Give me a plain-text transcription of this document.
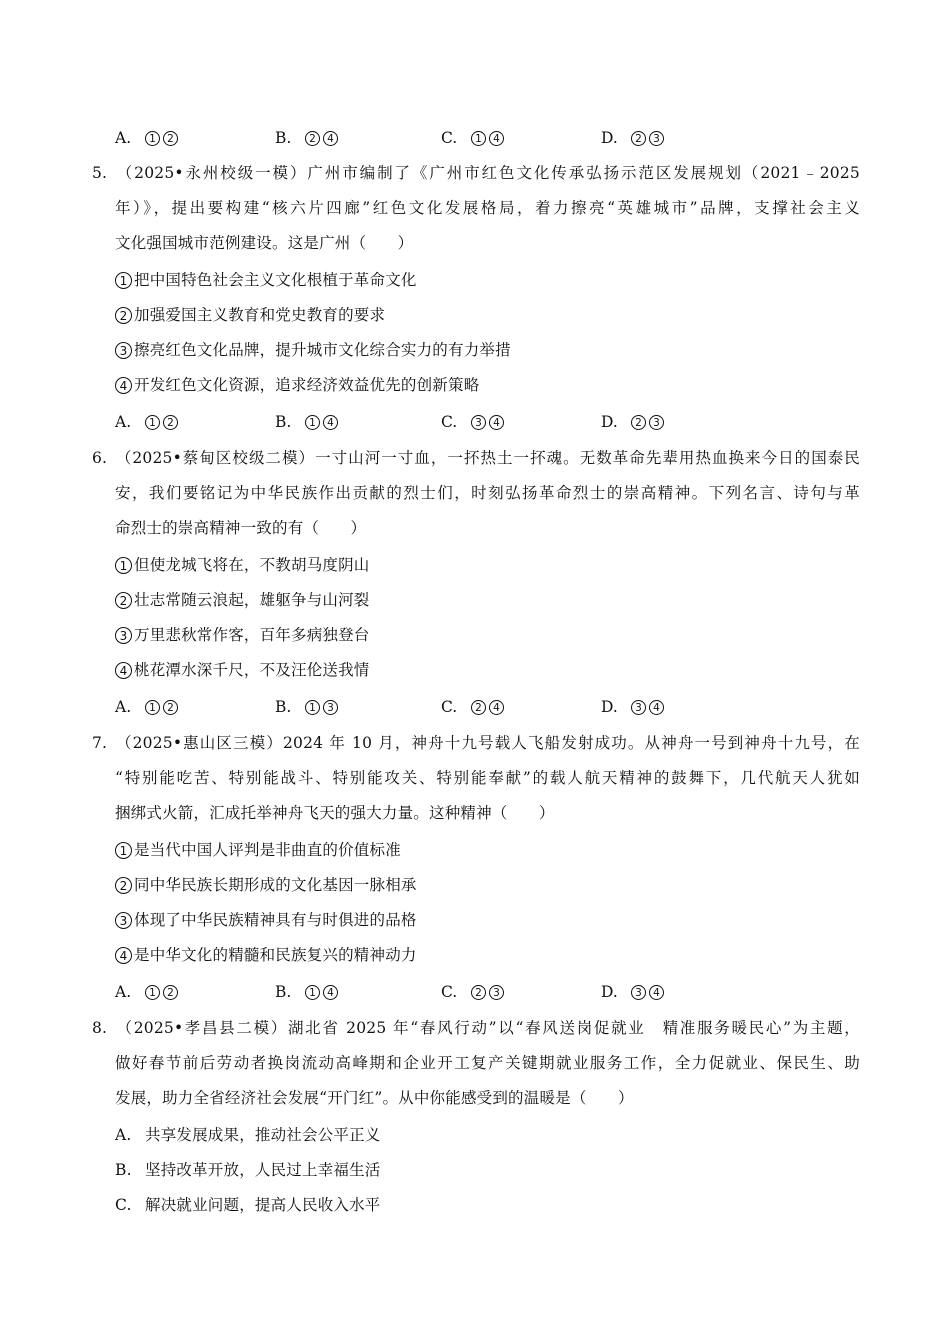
A. 1 2	B. 2 4	C. 1 4	D. 2 3
5. （2025•永州校级一模）广州市编制了《广州市红色文化传承弘扬示范区发展规划（2021﹣2025
年）》，提出要构建“核六片四廊”红色文化发展格局，着力擦亮“英雄城市”品牌，支撑社会主义
文化强国城市范例建设。这是广州（　　）
1 把中国特色社会主义文化根植于革命文化
2 加强爱国主义教育和党史教育的要求
3 擦亮红色文化品牌，提升城市文化综合实力的有力举措
4 开发红色文化资源，追求经济效益优先的创新策略
A. 1 2	B. 1 4	C. 3 4	D. 2 3
6. （2025•蔡甸区校级二模）一寸山河一寸血，一抔热土一抔魂。无数革命先辈用热血换来今日的国泰民
安，我们要铭记为中华民族作出贡献的烈士们，时刻弘扬革命烈士的崇高精神。下列名言、诗句与革
命烈士的崇高精神一致的有（　　）
1 但使龙城飞将在，不教胡马度阴山
2 壮志常随云浪起，雄躯争与山河裂
3 万里悲秋常作客，百年多病独登台
4 桃花潭水深千尺，不及汪伦送我情
A. 1 2	B. 1 3	C. 2 4	D. 3 4
7. （2025•惠山区三模）2024 年 10 月，神舟十九号载人飞船发射成功。从神舟一号到神舟十九号，在
“特别能吃苦、特别能战斗、特别能攻关、特别能奉献”的载人航天精神的鼓舞下，几代航天人犹如
捆绑式火箭，汇成托举神舟飞天的强大力量。这种精神（　　）
1 是当代中国人评判是非曲直的价值标准
2 同中华民族长期形成的文化基因一脉相承
3 体现了中华民族精神具有与时俱进的品格
4 是中华文化的精髓和民族复兴的精神动力
A. 1 2	B. 1 4	C. 2 3	D. 3 4
8. （2025•孝昌县二模）湖北省 2025 年“春风行动”以“春风送岗促就业　精准服务暖民心”为主题，
做好春节前后劳动者换岗流动高峰期和企业开工复产关键期就业服务工作，全力促就业、保民生、助
发展，助力全省经济社会发展“开门红”。从中你能感受到的温暖是（　　）
A. 共享发展成果，推动社会公平正义
B. 坚持改革开放，人民过上幸福生活
C. 解决就业问题，提高人民收入水平
